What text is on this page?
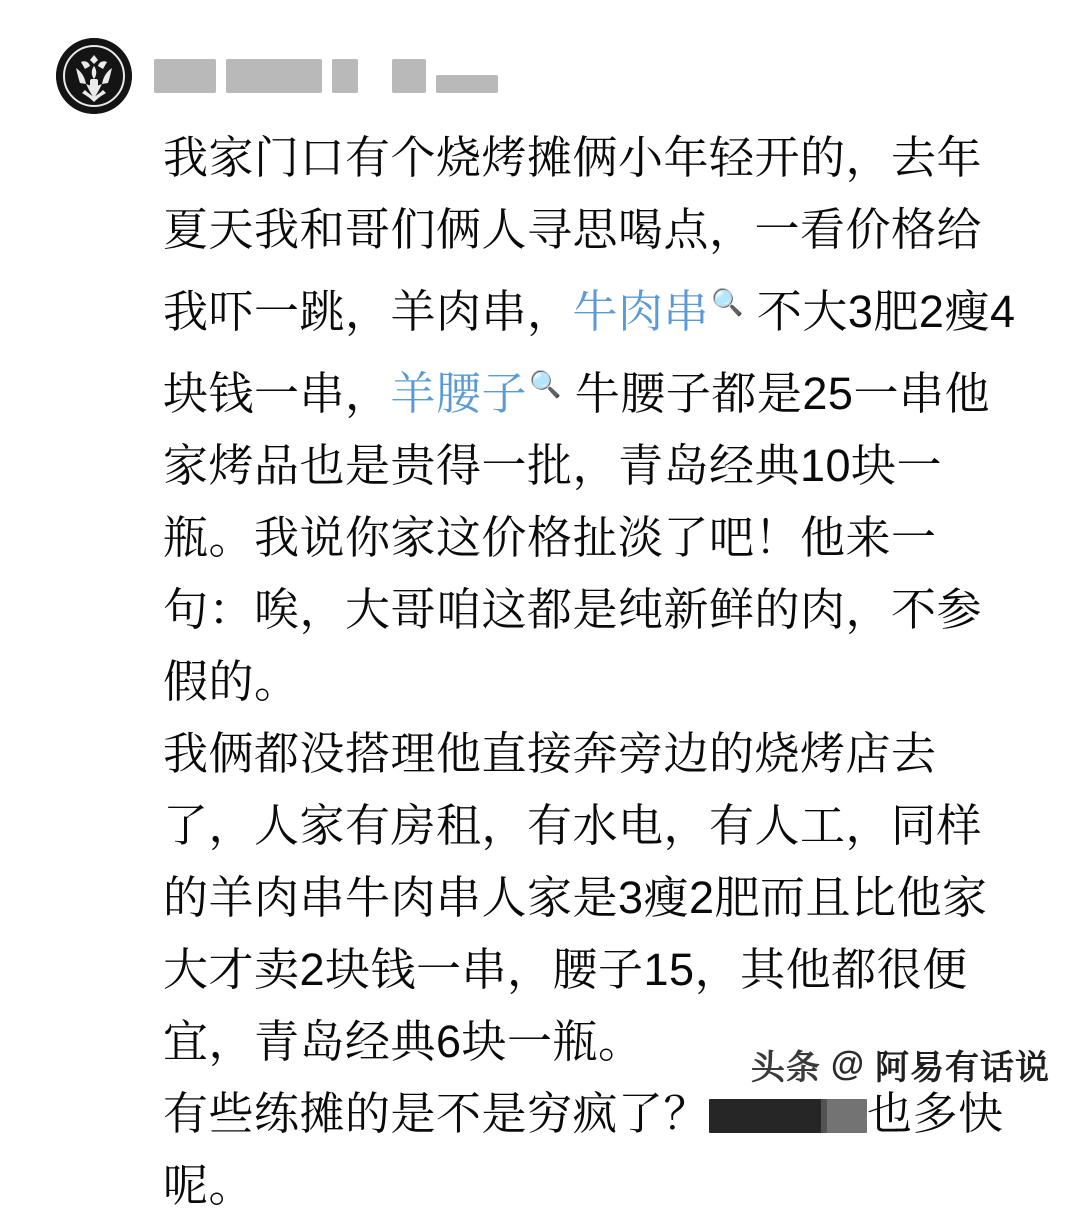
我家门口有个烧烤摊俩小年轻开的，去年夏天我和哥们俩人寻思喝点，一看价格给我吓一跳，羊肉串，牛肉串🔍 不大3肥2瘦4块钱一串，羊腰子🔍 牛腰子都是25一串他家烤品也是贵得一批，青岛经典10块一瓶。我说你家这价格扯淡了吧！他来一句：唉，大哥咱这都是纯新鲜的肉，不参假的。

我俩都没搭理他直接奔旁边的烧烤店去了，人家有房租，有水电，有人工，同样的羊肉串牛肉串人家是3瘦2肥而且比他家大才卖2块钱一串，腰子15，其他都很便宜，青岛经典6块一瓶。

有些练摊的是不是穷疯了？	也多快呢。

头条 @ 阿易有话说
